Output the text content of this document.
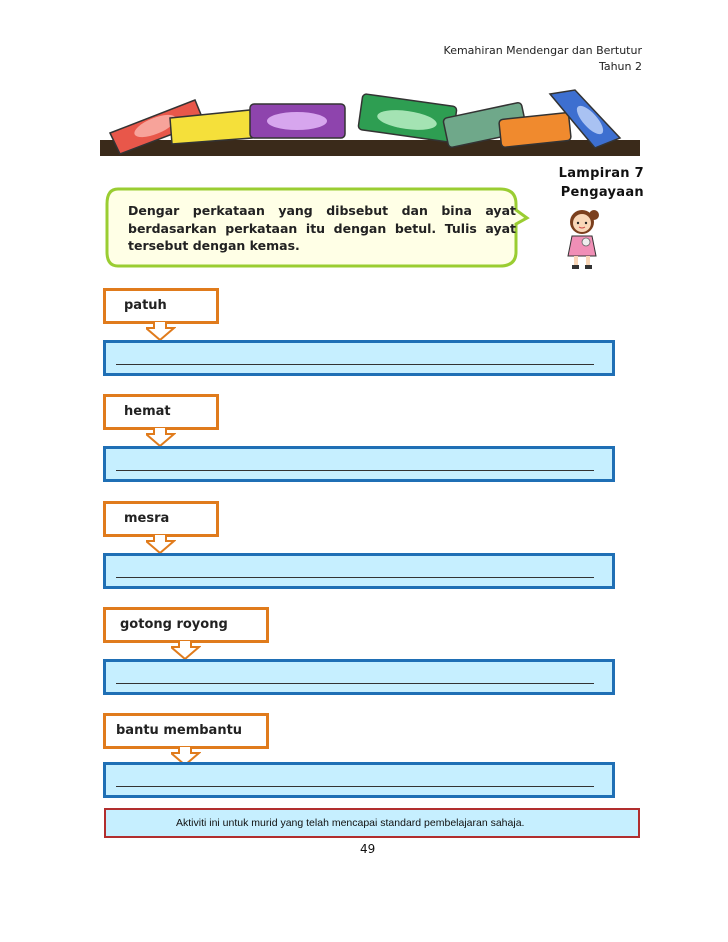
Kemahiran Mendengar dan Bertutur
Tahun 2
Lampiran 7
Pengayaan
Dengar perkataan yang dibsebut dan bina ayat berdasarkan perkataan itu dengan betul. Tulis ayat tersebut dengan kemas.
patuh
hemat
mesra
gotong royong
bantu membantu
Aktiviti ini untuk murid yang telah mencapai standard pembelajaran sahaja.
49
